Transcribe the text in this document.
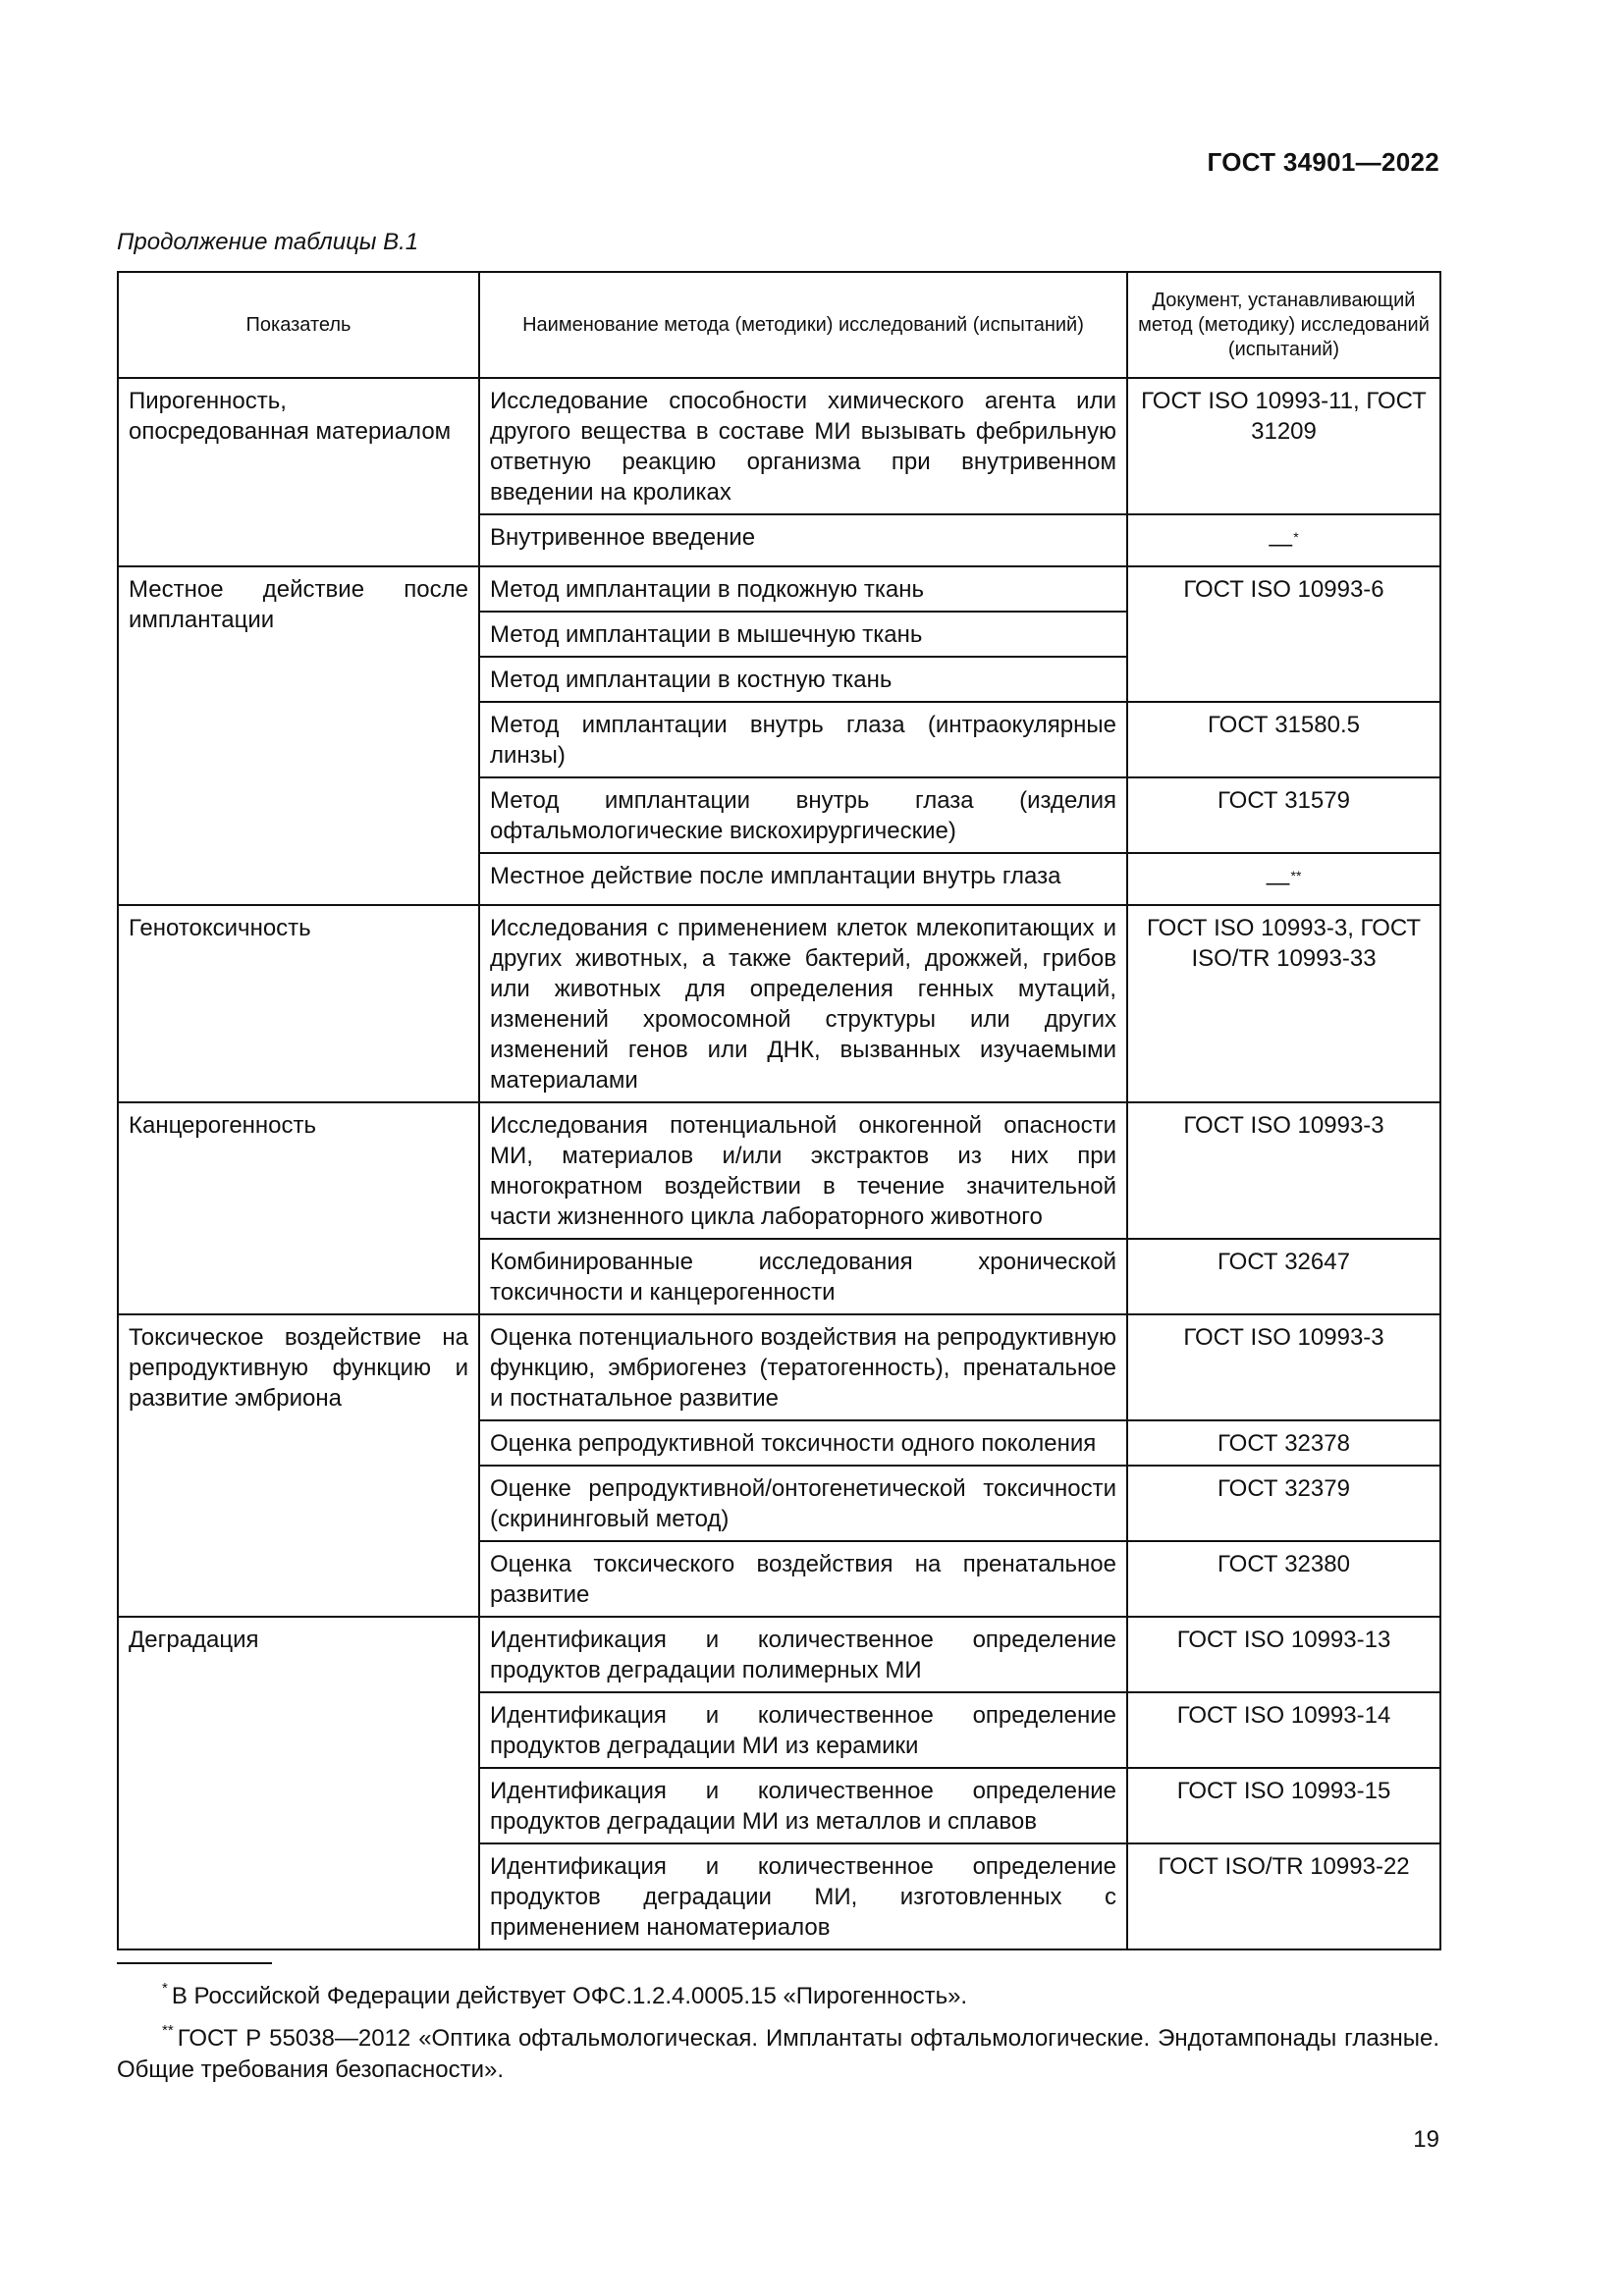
ГОСТ 34901—2022
Продолжение таблицы В.1
Показатель	Наименование метода (методики) исследований (испытаний)	Документ, устанавливающий метод (методику) исследований (испытаний)
Пирогенность, опосредованная материалом	Исследование способности химического агента или другого вещества в составе МИ вызывать фебрильную ответную реакцию организма при внутривенном введении на кроликах	ГОСТ ISO 10993-11, ГОСТ 31209
	Внутривенное введение	—*
Местное действие после имплантации	Метод имплантации в подкожную ткань	ГОСТ ISO 10993-6
	Метод имплантации в мышечную ткань	
	Метод имплантации в костную ткань	
	Метод имплантации внутрь глаза (интраокулярные линзы)	ГОСТ 31580.5
	Метод имплантации внутрь глаза (изделия офтальмологические вискохирургические)	ГОСТ 31579
	Местное действие после имплантации внутрь глаза	—**
Генотоксичность	Исследования с применением клеток млекопитающих и других животных, а также бактерий, дрожжей, грибов или животных для определения генных мутаций, изменений хромосомной структуры или других изменений генов или ДНК, вызванных изучаемыми материалами	ГОСТ ISO 10993-3, ГОСТ ISO/TR 10993-33
Канцерогенность	Исследования потенциальной онкогенной опасности МИ, материалов и/или экстрактов из них при многократном воздействии в течение значительной части жизненного цикла лабораторного животного	ГОСТ ISO 10993-3
	Комбинированные исследования хронической токсичности и канцерогенности	ГОСТ 32647
Токсическое воздействие на репродуктивную функцию и развитие эмбриона	Оценка потенциального воздействия на репродуктивную функцию, эмбриогенез (тератогенность), пренатальное и постнатальное развитие	ГОСТ ISO 10993-3
	Оценка репродуктивной токсичности одного поколения	ГОСТ 32378
	Оценке репродуктивной/онтогенетической токсичности (скрининговый метод)	ГОСТ 32379
	Оценка токсического воздействия на пренатальное развитие	ГОСТ 32380
Деградация	Идентификация и количественное определение продуктов деградации полимерных МИ	ГОСТ ISO 10993-13
	Идентификация и количественное определение продуктов деградации МИ из керамики	ГОСТ ISO 10993-14
	Идентификация и количественное определение продуктов деградации МИ из металлов и сплавов	ГОСТ ISO 10993-15
	Идентификация и количественное определение продуктов деградации МИ, изготовленных с применением наноматериалов	ГОСТ ISO/TR 10993-22
* В Российской Федерации действует ОФС.1.2.4.0005.15 «Пирогенность».
** ГОСТ Р 55038—2012 «Оптика офтальмологическая. Имплантаты офтальмологические. Эндотампонады глазные. Общие требования безопасности».
19
